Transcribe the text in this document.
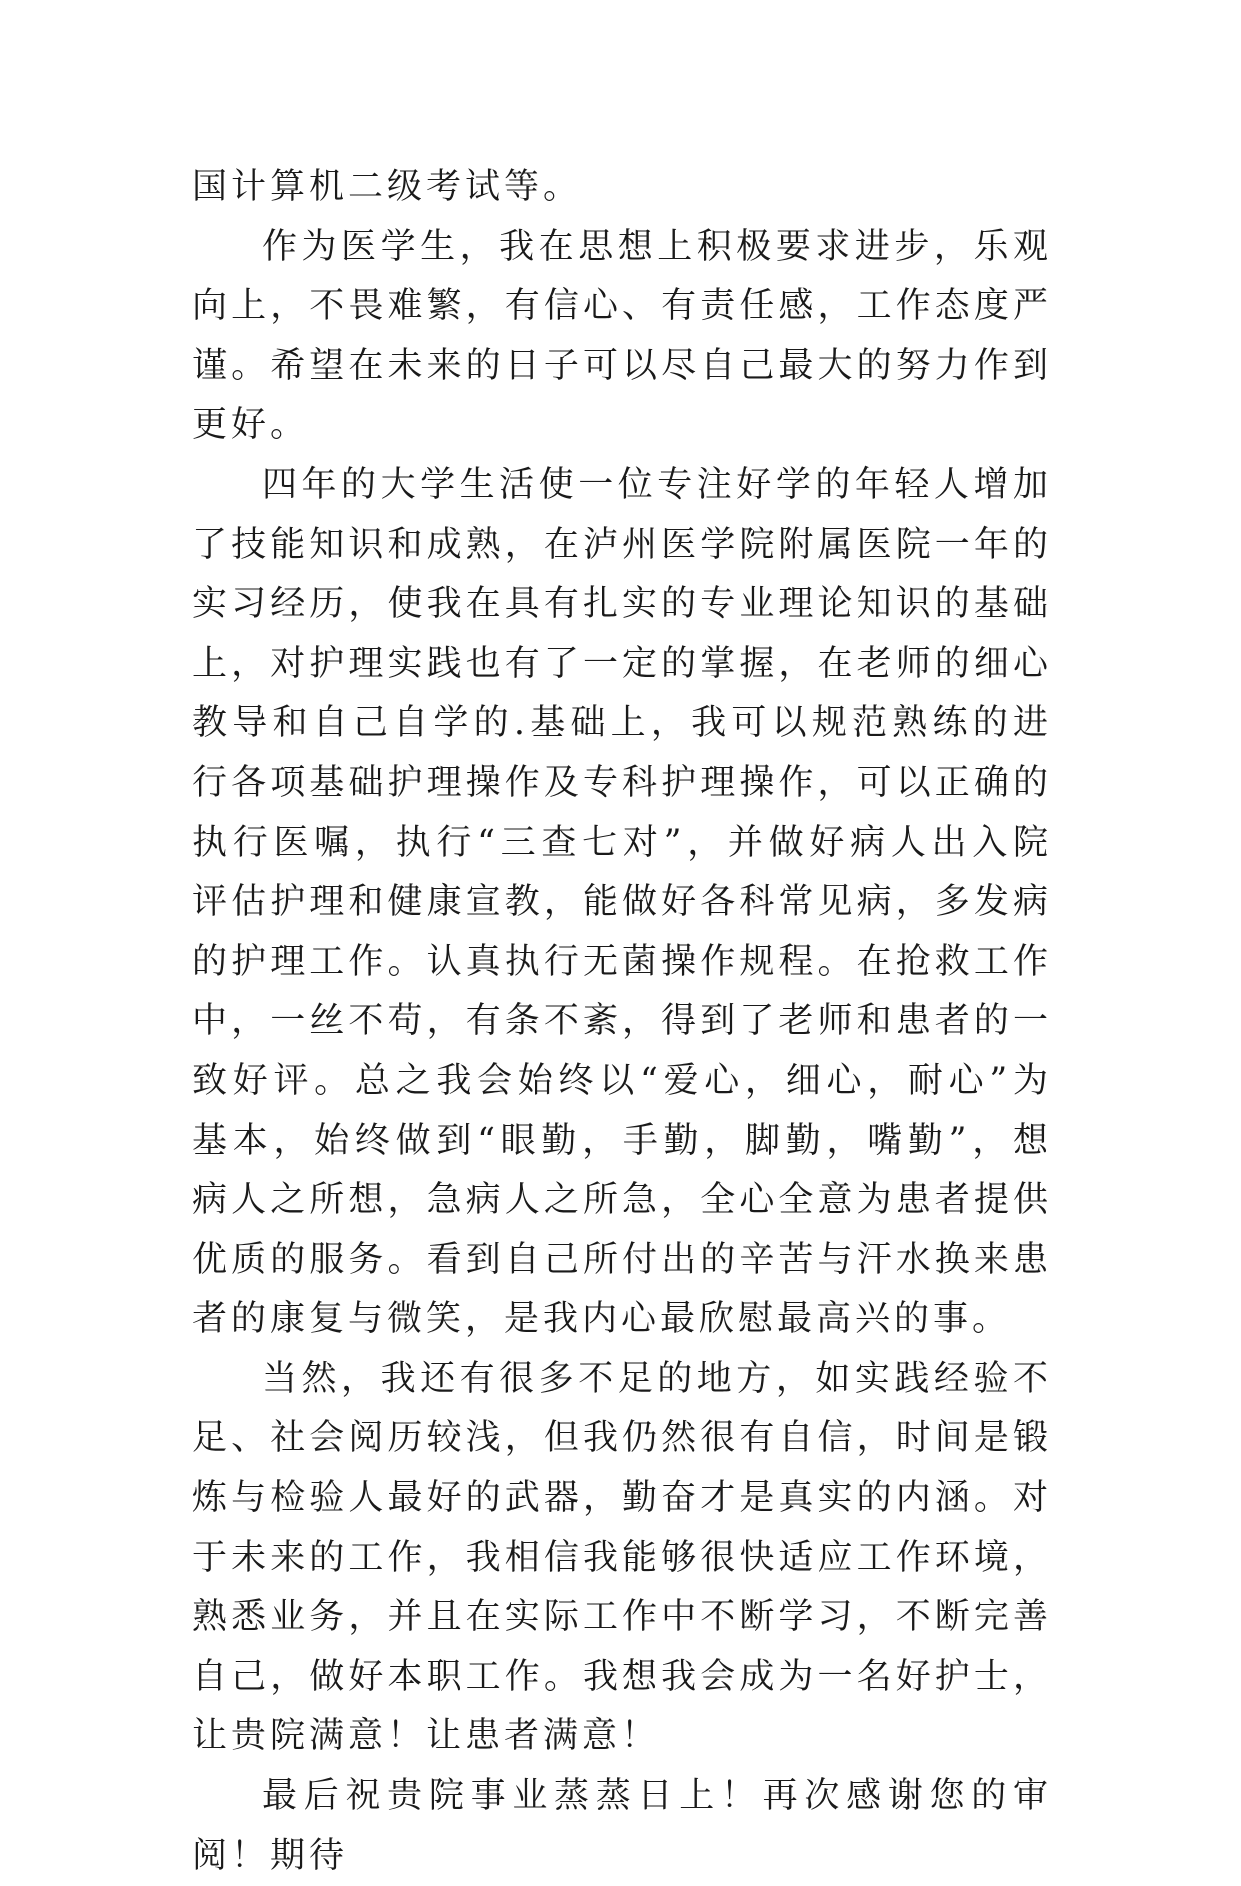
国计算机二级考试等。

作为医学生，我在思想上积极要求进步，乐观向上，不畏难繁，有信心、有责任感，工作态度严谨。希望在未来的日子可以尽自己最大的努力作到更好。

四年的大学生活使一位专注好学的年轻人增加了技能知识和成熟，在泸州医学院附属医院一年的实习经历，使我在具有扎实的专业理论知识的基础上，对护理实践也有了一定的掌握，在老师的细心教导和自己自学的.基础上，我可以规范熟练的进行各项基础护理操作及专科护理操作，可以正确的执行医嘱，执行“三查七对”，并做好病人出入院评估护理和健康宣教，能做好各科常见病，多发病的护理工作。认真执行无菌操作规程。在抢救工作中，一丝不苟，有条不紊，得到了老师和患者的一致好评。总之我会始终以“爱心，细心，耐心”为基本，始终做到“眼勤，手勤，脚勤，嘴勤”，想病人之所想，急病人之所急，全心全意为患者提供优质的服务。看到自己所付出的辛苦与汗水换来患者的康复与微笑，是我内心最欣慰最高兴的事。

当然，我还有很多不足的地方，如实践经验不足、社会阅历较浅，但我仍然很有自信，时间是锻炼与检验人最好的武器，勤奋才是真实的内涵。对于未来的工作，我相信我能够很快适应工作环境，熟悉业务，并且在实际工作中不断学习，不断完善自己，做好本职工作。我想我会成为一名好护士，让贵院满意！让患者满意！

最后祝贵院事业蒸蒸日上！再次感谢您的审阅！期待
